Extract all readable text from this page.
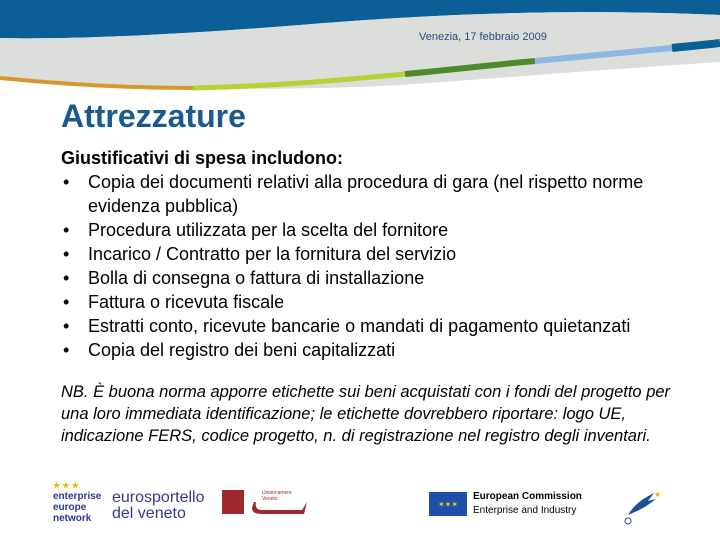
Venezia, 17 febbraio 2009
Attrezzature
Giustificativi di spesa includono:
• Copia dei documenti relativi alla procedura di gara (nel rispetto norme evidenza pubblica)
• Procedura utilizzata per la scelta del fornitore
• Incarico / Contratto per la fornitura del servizio
• Bolla di consegna o fattura di installazione
• Fattura o ricevuta fiscale
• Estratti conto, ricevute bancarie o mandati di pagamento quietanzati
• Copia del registro dei beni capitalizzati
NB. È buona norma apporre etichette sui beni acquistati con i fondi del progetto per una loro immediata identificazione; le etichette dovrebbero riportare: logo UE, indicazione FERS, codice progetto, n. di registrazione nel registro degli inventari.
★ ★ ★
enterprise
europe
network
eurosportello
del veneto
Unioncamere Veneto
✶✶✶
European Commission
Enterprise and Industry
★
